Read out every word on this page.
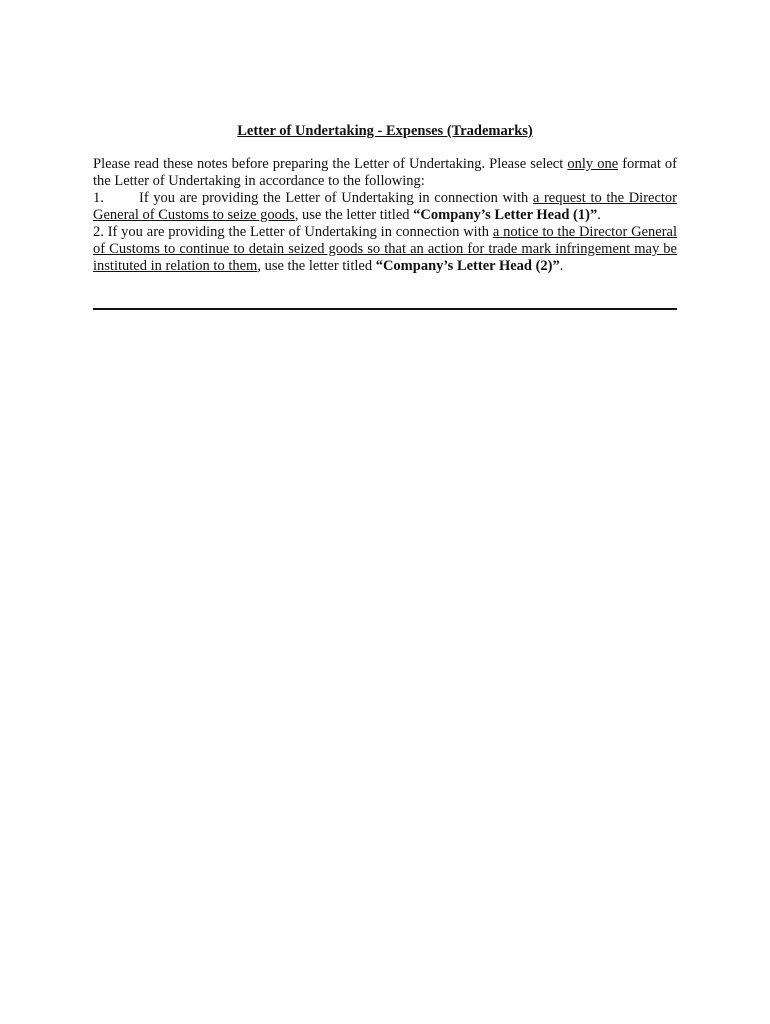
Letter of Undertaking - Expenses (Trademarks)

Please read these notes before preparing the Letter of Undertaking. Please select only one format of the Letter of Undertaking in accordance to the following:

1. If you are providing the Letter of Undertaking in connection with a request to the Director General of Customs to seize goods, use the letter titled “Company’s Letter Head (1)”.

2. If you are providing the Letter of Undertaking in connection with a notice to the Director General of Customs to continue to detain seized goods so that an action for trade mark infringement may be instituted in relation to them, use the letter titled “Company’s Letter Head (2)”.
